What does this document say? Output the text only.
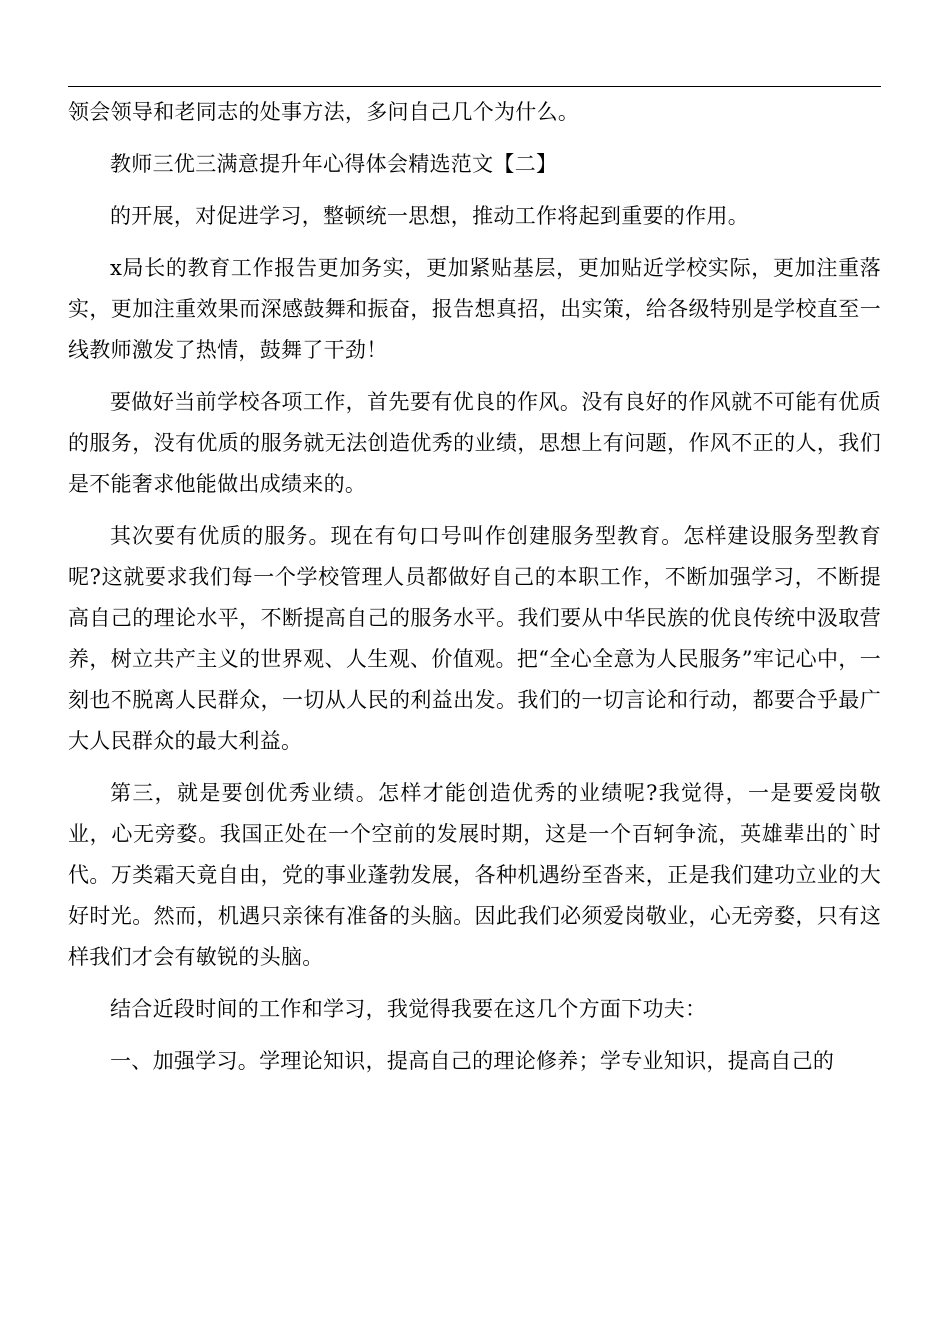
领会领导和老同志的处事方法，多问自己几个为什么。

教师三优三满意提升年心得体会精选范文【二】

的开展，对促进学习，整顿统一思想，推动工作将起到重要的作用。

x局长的教育工作报告更加务实，更加紧贴基层，更加贴近学校实际，更加注重落实，更加注重效果而深感鼓舞和振奋，报告想真招，出实策，给各级特别是学校直至一线教师激发了热情，鼓舞了干劲！

要做好当前学校各项工作，首先要有优良的作风。没有良好的作风就不可能有优质的服务，没有优质的服务就无法创造优秀的业绩，思想上有问题，作风不正的人，我们是不能奢求他能做出成绩来的。

其次要有优质的服务。现在有句口号叫作创建服务型教育。怎样建设服务型教育呢?这就要求我们每一个学校管理人员都做好自己的本职工作，不断加强学习，不断提高自己的理论水平，不断提高自己的服务水平。我们要从中华民族的优良传统中汲取营养，树立共产主义的世界观、人生观、价值观。把“全心全意为人民服务”牢记心中，一刻也不脱离人民群众，一切从人民的利益出发。我们的一切言论和行动，都要合乎最广大人民群众的最大利益。

第三，就是要创优秀业绩。怎样才能创造优秀的业绩呢?我觉得，一是要爱岗敬业，心无旁婺。我国正处在一个空前的发展时期，这是一个百轲争流，英雄辈出的`时代。万类霜天竟自由，党的事业蓬勃发展，各种机遇纷至沓来，正是我们建功立业的大好时光。然而，机遇只亲徕有准备的头脑。因此我们必须爱岗敬业，心无旁婺，只有这样我们才会有敏锐的头脑。

结合近段时间的工作和学习，我觉得我要在这几个方面下功夫：

一、加强学习。学理论知识，提高自己的理论修养；学专业知识，提高自己的
